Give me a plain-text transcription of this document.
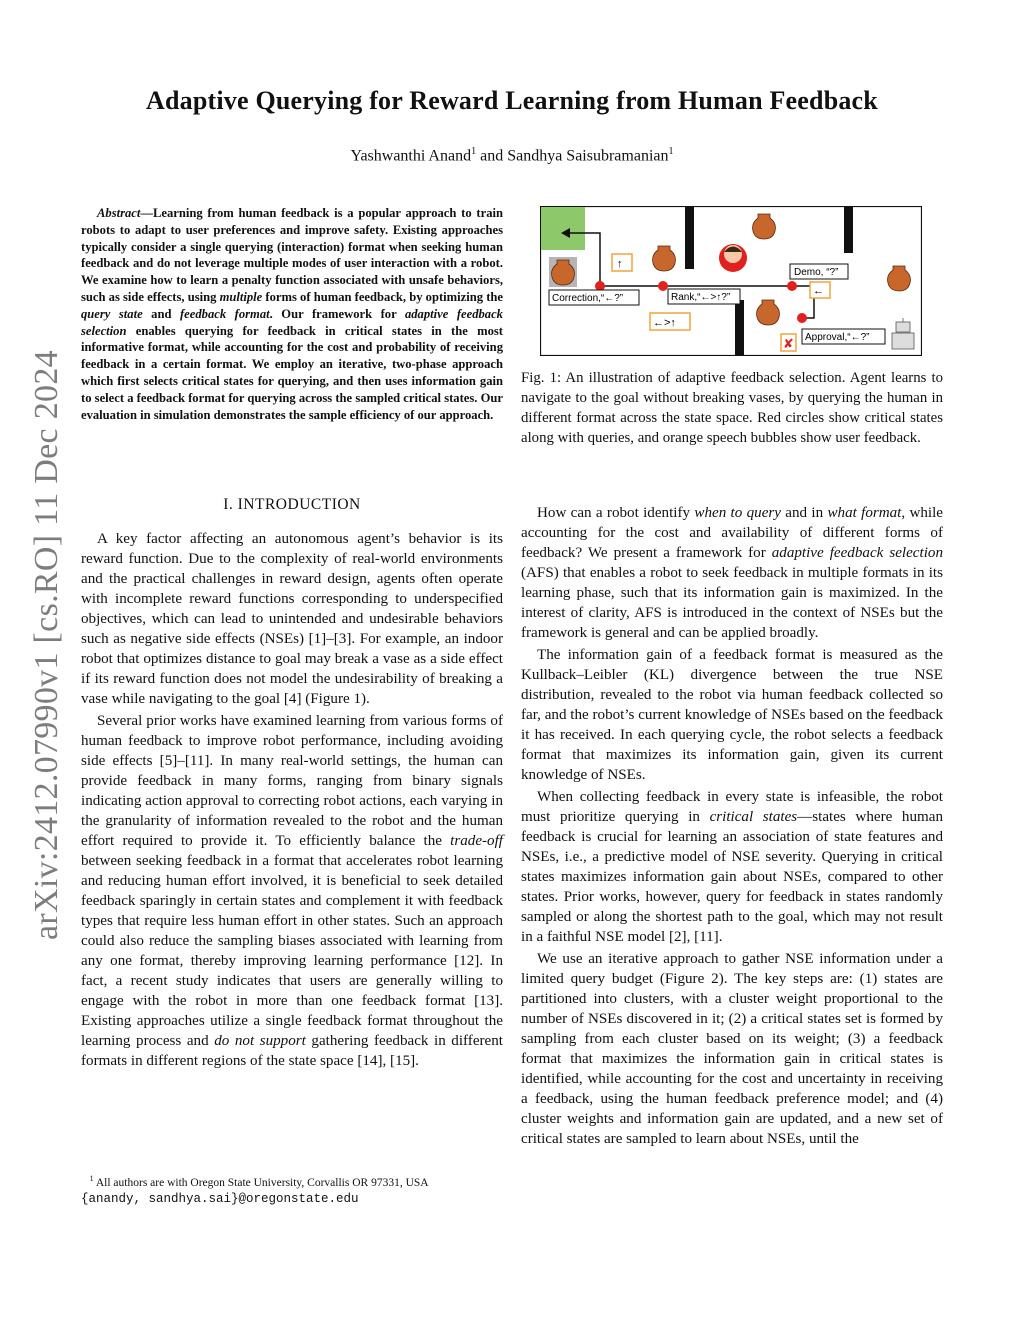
Adaptive Querying for Reward Learning from Human Feedback
Yashwanthi Anand$^1$ and Sandhya Saisubramanian$^1$
arXiv:2412.07990v1 [cs.RO] 11 Dec 2024

Abstract—Learning from human feedback is a popular approach to train robots to adapt to user preferences and improve safety. Existing approaches typically consider a single querying (interaction) format when seeking human feedback and do not leverage multiple modes of user interaction with a robot. We examine how to learn a penalty function associated with unsafe behaviors, such as side effects, using multiple forms of human feedback, by optimizing the query state and feedback format. Our framework for adaptive feedback selection enables querying for feedback in critical states in the most informative format, while accounting for the cost and probability of receiving feedback in a certain format. We employ an iterative, two-phase approach which first selects critical states for querying, and then uses information gain to select a feedback format for querying across the sampled critical states. Our evaluation in simulation demonstrates the sample efficiency of our approach.

I. INTRODUCTION

A key factor affecting an autonomous agent’s behavior is its reward function. Due to the complexity of real-world environments and the practical challenges in reward design, agents often operate with incomplete reward functions corresponding to underspecified objectives, which can lead to unintended and undesirable behaviors such as negative side effects (NSEs) [1]–[3]. For example, an indoor robot that optimizes distance to goal may break a vase as a side effect if its reward function does not model the undesirability of breaking a vase while navigating to the goal [4] (Figure 1).

Several prior works have examined learning from various forms of human feedback to improve robot performance, including avoiding side effects [5]–[11]. In many real-world settings, the human can provide feedback in many forms, ranging from binary signals indicating action approval to correcting robot actions, each varying in the granularity of information revealed to the robot and the human effort required to provide it. To efficiently balance the trade-off between seeking feedback in a format that accelerates robot learning and reducing human effort involved, it is beneficial to seek detailed feedback sparingly in certain states and complement it with feedback types that require less human effort in other states. Such an approach could also reduce the sampling biases associated with learning from any one format, thereby improving learning performance [12]. In fact, a recent study indicates that users are generally willing to engage with the robot in more than one feedback format [13]. Existing approaches utilize a single feedback format throughout the learning process and do not support gathering feedback in different formats in different regions of the state space [14], [15].

$^1$ All authors are with Oregon State University, Corvallis OR 97331, USA
{anandy, sandhya.sai}@oregonstate.edu
Correction,“←?”	Rank,“←>↑?”
Demo, “?”
Approval,“←?”
↑
←>↑
←
✘

Fig. 1: An illustration of adaptive feedback selection. Agent learns to navigate to the goal without breaking vases, by querying the human in different format across the state space. Red circles show critical states along with queries, and orange speech bubbles show user feedback.

How can a robot identify when to query and in what format, while accounting for the cost and availability of different forms of feedback? We present a framework for adaptive feedback selection (AFS) that enables a robot to seek feedback in multiple formats in its learning phase, such that its information gain is maximized. In the interest of clarity, AFS is introduced in the context of NSEs but the framework is general and can be applied broadly.

The information gain of a feedback format is measured as the Kullback–Leibler (KL) divergence between the true NSE distribution, revealed to the robot via human feedback collected so far, and the robot’s current knowledge of NSEs based on the feedback it has received. In each querying cycle, the robot selects a feedback format that maximizes its information gain, given its current knowledge of NSEs.

When collecting feedback in every state is infeasible, the robot must prioritize querying in critical states—states where human feedback is crucial for learning an association of state features and NSEs, i.e., a predictive model of NSE severity. Querying in critical states maximizes information gain about NSEs, compared to other states. Prior works, however, query for feedback in states randomly sampled or along the shortest path to the goal, which may not result in a faithful NSE model [2], [11].

We use an iterative approach to gather NSE information under a limited query budget (Figure 2). The key steps are: (1) states are partitioned into clusters, with a cluster weight proportional to the number of NSEs discovered in it; (2) a critical states set is formed by sampling from each cluster based on its weight; (3) a feedback format that maximizes the information gain in critical states is identified, while accounting for the cost and uncertainty in receiving a feedback, using the human feedback preference model; and (4) cluster weights and information gain are updated, and a new set of critical states are sampled to learn about NSEs, until the
